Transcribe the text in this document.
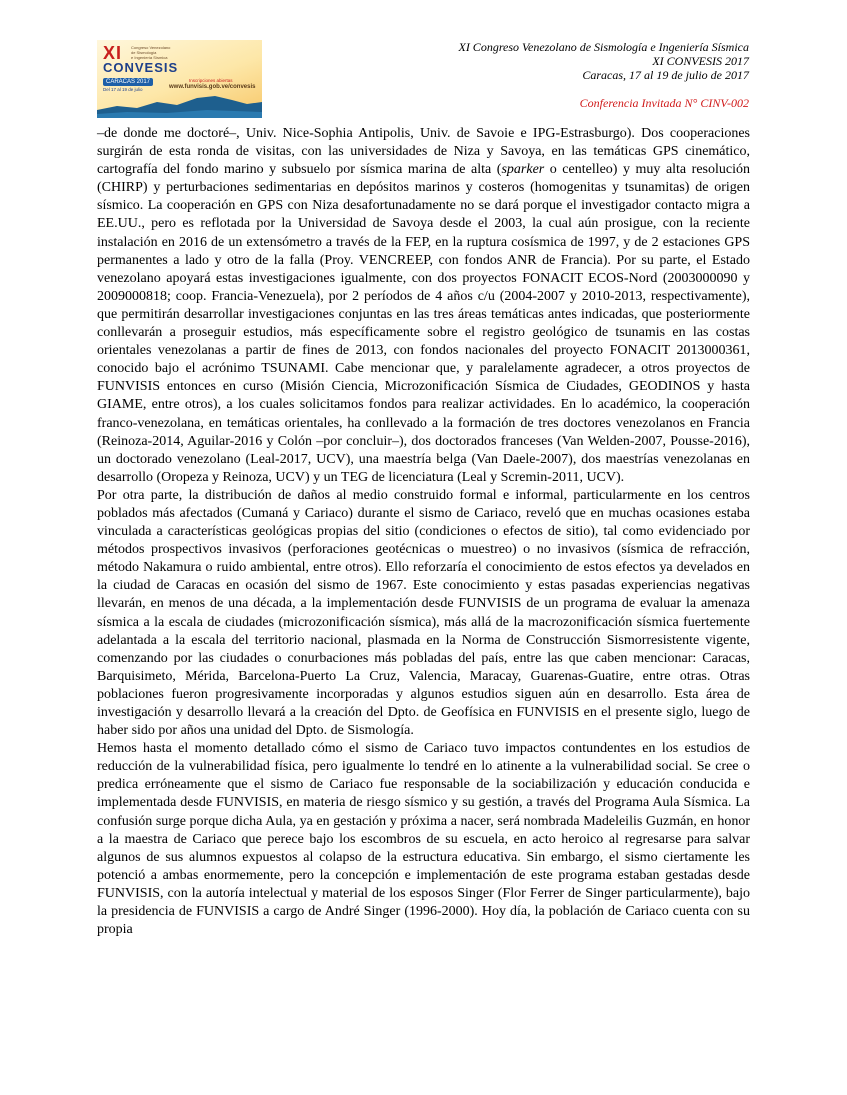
XI Congreso Venezolano
de Sismología
e Ingeniería Sísmica
CONVESIS
CARACAS 2017
Del 17 al 19 de julio
Inscripciones abiertas
www.funvisis.gob.ve/convesis
XI Congreso Venezolano de Sismología e Ingeniería Sísmica
XI CONVESIS 2017
Caracas, 17 al 19 de julio de 2017
Conferencia Invitada N° CINV-002

–de donde me doctoré–, Univ. Nice-Sophia Antipolis, Univ. de Savoie e IPG-Estrasburgo). Dos cooperaciones surgirán de esta ronda de visitas, con las universidades de Niza y Savoya, en las temáticas GPS cinemático, cartografía del fondo marino y subsuelo por sísmica marina de alta (sparker o centelleo) y muy alta resolución (CHIRP) y perturbaciones sedimentarias en depósitos marinos y costeros (homogenitas y tsunamitas) de origen sísmico. La cooperación en GPS con Niza desafortunadamente no se dará porque el investigador contacto migra a EE.UU., pero es reflotada por la Universidad de Savoya desde el 2003, la cual aún prosigue, con la reciente instalación en 2016 de un extensómetro a través de la FEP, en la ruptura cosísmica de 1997, y de 2 estaciones GPS permanentes a lado y otro de la falla (Proy. VENCREEP, con fondos ANR de Francia). Por su parte, el Estado venezolano apoyará estas investigaciones igualmente, con dos proyectos FONACIT ECOS-Nord (2003000090 y 2009000818; coop. Francia-Venezuela), por 2 períodos de 4 años c/u (2004-2007 y 2010-2013, respectivamente), que permitirán desarrollar investigaciones conjuntas en las tres áreas temáticas antes indicadas, que posteriormente conllevarán a proseguir estudios, más específicamente sobre el registro geológico de tsunamis en las costas orientales venezolanas a partir de fines de 2013, con fondos nacionales del proyecto FONACIT 2013000361, conocido bajo el acrónimo TSUNAMI. Cabe mencionar que, y paralelamente agradecer, a otros proyectos de FUNVISIS entonces en curso (Misión Ciencia, Microzonificación Sísmica de Ciudades, GEODINOS y hasta GIAME, entre otros), a los cuales solicitamos fondos para realizar actividades. En lo académico, la cooperación franco-venezolana, en temáticas orientales, ha conllevado a la formación de tres doctores venezolanos en Francia (Reinoza-2014, Aguilar-2016 y Colón –por concluir–), dos doctorados franceses (Van Welden-2007, Pousse-2016), un doctorado venezolano (Leal-2017, UCV), una maestría belga (Van Daele-2007), dos maestrías venezolanas en desarrollo (Oropeza y Reinoza, UCV) y un TEG de licenciatura (Leal y Scremin-2011, UCV).

Por otra parte, la distribución de daños al medio construido formal e informal, particularmente en los centros poblados más afectados (Cumaná y Cariaco) durante el sismo de Cariaco, reveló que en muchas ocasiones estaba vinculada a características geológicas propias del sitio (condiciones o efectos de sitio), tal como evidenciado por métodos prospectivos invasivos (perforaciones geotécnicas o muestreo) o no invasivos (sísmica de refracción, método Nakamura o ruido ambiental, entre otros). Ello reforzaría el conocimiento de estos efectos ya develados en la ciudad de Caracas en ocasión del sismo de 1967. Este conocimiento y estas pasadas experiencias negativas llevarán, en menos de una década, a la implementación desde FUNVISIS de un programa de evaluar la amenaza sísmica a la escala de ciudades (microzonificación sísmica), más allá de la macrozonificación sísmica fuertemente adelantada a la escala del territorio nacional, plasmada en la Norma de Construcción Sismorresistente vigente, comenzando por las ciudades o conurbaciones más pobladas del país, entre las que caben mencionar: Caracas, Barquisimeto, Mérida, Barcelona-Puerto La Cruz, Valencia, Maracay, Guarenas-Guatire, entre otras. Otras poblaciones fueron progresivamente incorporadas y algunos estudios siguen aún en desarrollo. Esta área de investigación y desarrollo llevará a la creación del Dpto. de Geofísica en FUNVISIS en el presente siglo, luego de haber sido por años una unidad del Dpto. de Sismología.

Hemos hasta el momento detallado cómo el sismo de Cariaco tuvo impactos contundentes en los estudios de reducción de la vulnerabilidad física, pero igualmente lo tendré en lo atinente a la vulnerabilidad social. Se cree o predica erróneamente que el sismo de Cariaco fue responsable de la sociabilización y educación conducida e implementada desde FUNVISIS, en materia de riesgo sísmico y su gestión, a través del Programa Aula Sísmica. La confusión surge porque dicha Aula, ya en gestación y próxima a nacer, será nombrada Madeleilis Guzmán, en honor a la maestra de Cariaco que perece bajo los escombros de su escuela, en acto heroico al regresarse para salvar algunos de sus alumnos expuestos al colapso de la estructura educativa. Sin embargo, el sismo ciertamente les potenció a ambas enormemente, pero la concepción e implementación de este programa estaban gestadas desde FUNVISIS, con la autoría intelectual y material de los esposos Singer (Flor Ferrer de Singer particularmente), bajo la presidencia de FUNVISIS a cargo de André Singer (1996-2000). Hoy día, la población de Cariaco cuenta con su propia
